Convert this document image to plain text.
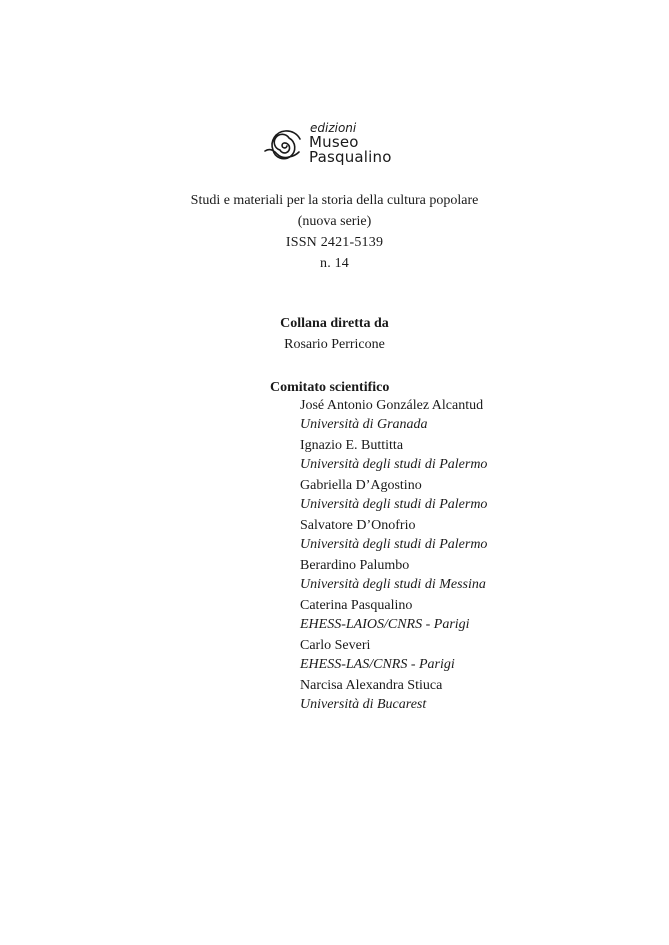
edizioni
Museo
Pasqualino
Studi e materiali per la storia della cultura popolare
(nuova serie)
ISSN 2421-5139
n. 14
Collana diretta da
Rosario Perricone
Comitato scientifico
José Antonio González Alcantud
Università di Granada
Ignazio E. Buttitta
Università degli studi di Palermo
Gabriella D’Agostino
Università degli studi di Palermo
Salvatore D’Onofrio
Università degli studi di Palermo
Berardino Palumbo
Università degli studi di Messina
Caterina Pasqualino
EHESS-LAIOS/CNRS - Parigi
Carlo Severi
EHESS-LAS/CNRS - Parigi
Narcisa Alexandra Stiuca
Università di Bucarest
